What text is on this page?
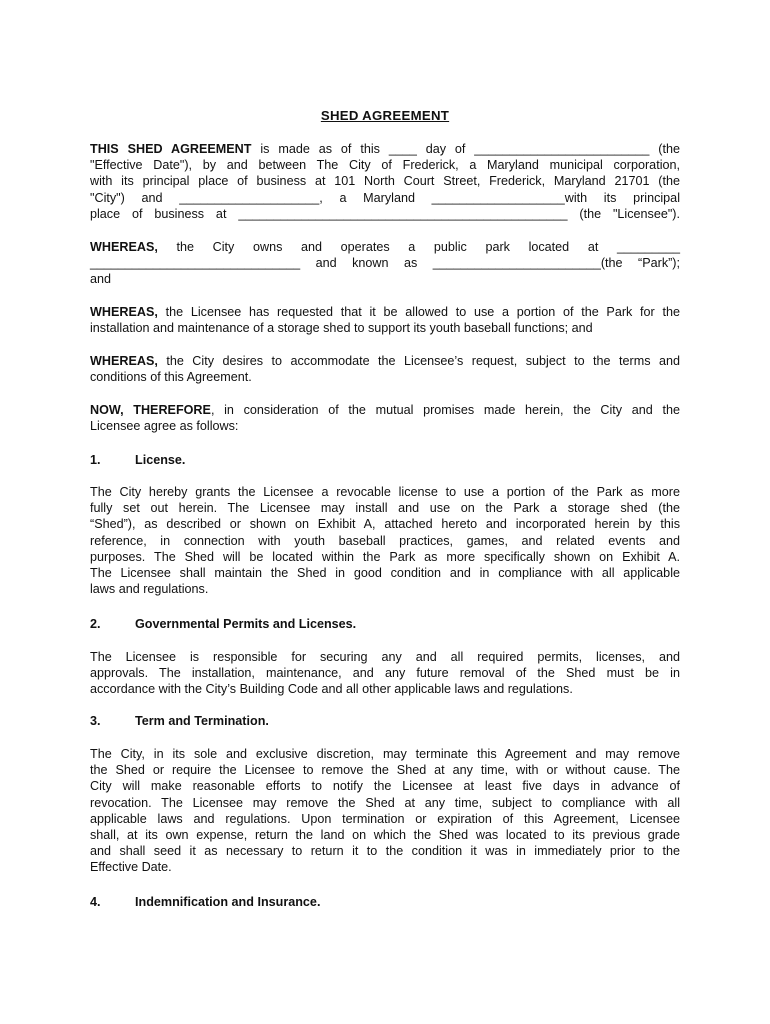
SHED AGREEMENT
THIS SHED AGREEMENT is made as of this ____ day of _________________________ (the
"Effective Date"), by and between The City of Frederick, a Maryland municipal corporation,
with its principal place of business at 101 North Court Street, Frederick, Maryland 21701 (the
"City") and ____________________, a Maryland ___________________with its principal
place of business at _______________________________________________ (the "Licensee").
WHEREAS, the City owns and operates a public park located at _________
______________________________ and known as ________________________(the “Park”);
and
WHEREAS, the Licensee has requested that it be allowed to use a portion of the Park for the
installation and maintenance of a storage shed to support its youth baseball functions; and
WHEREAS, the City desires to accommodate the Licensee’s request, subject to the terms and
conditions of this Agreement.
NOW, THEREFORE, in consideration of the mutual promises made herein, the City and the
Licensee agree as follows:
1.	License.
The City hereby grants the Licensee a revocable license to use a portion of the Park as more
fully set out herein. The Licensee may install and use on the Park a storage shed (the
“Shed”), as described or shown on Exhibit A, attached hereto and incorporated herein by this
reference, in connection with youth baseball practices, games, and related events and
purposes. The Shed will be located within the Park as more specifically shown on Exhibit A.
The Licensee shall maintain the Shed in good condition and in compliance with all applicable
laws and regulations.
2.	Governmental Permits and Licenses.
The Licensee is responsible for securing any and all required permits, licenses, and
approvals. The installation, maintenance, and any future removal of the Shed must be in
accordance with the City’s Building Code and all other applicable laws and regulations.
3.	Term and Termination.
The City, in its sole and exclusive discretion, may terminate this Agreement and may remove
the Shed or require the Licensee to remove the Shed at any time, with or without cause. The
City will make reasonable efforts to notify the Licensee at least five days in advance of
revocation. The Licensee may remove the Shed at any time, subject to compliance with all
applicable laws and regulations. Upon termination or expiration of this Agreement, Licensee
shall, at its own expense, return the land on which the Shed was located to its previous grade
and shall seed it as necessary to return it to the condition it was in immediately prior to the
Effective Date.
4.	Indemnification and Insurance.
